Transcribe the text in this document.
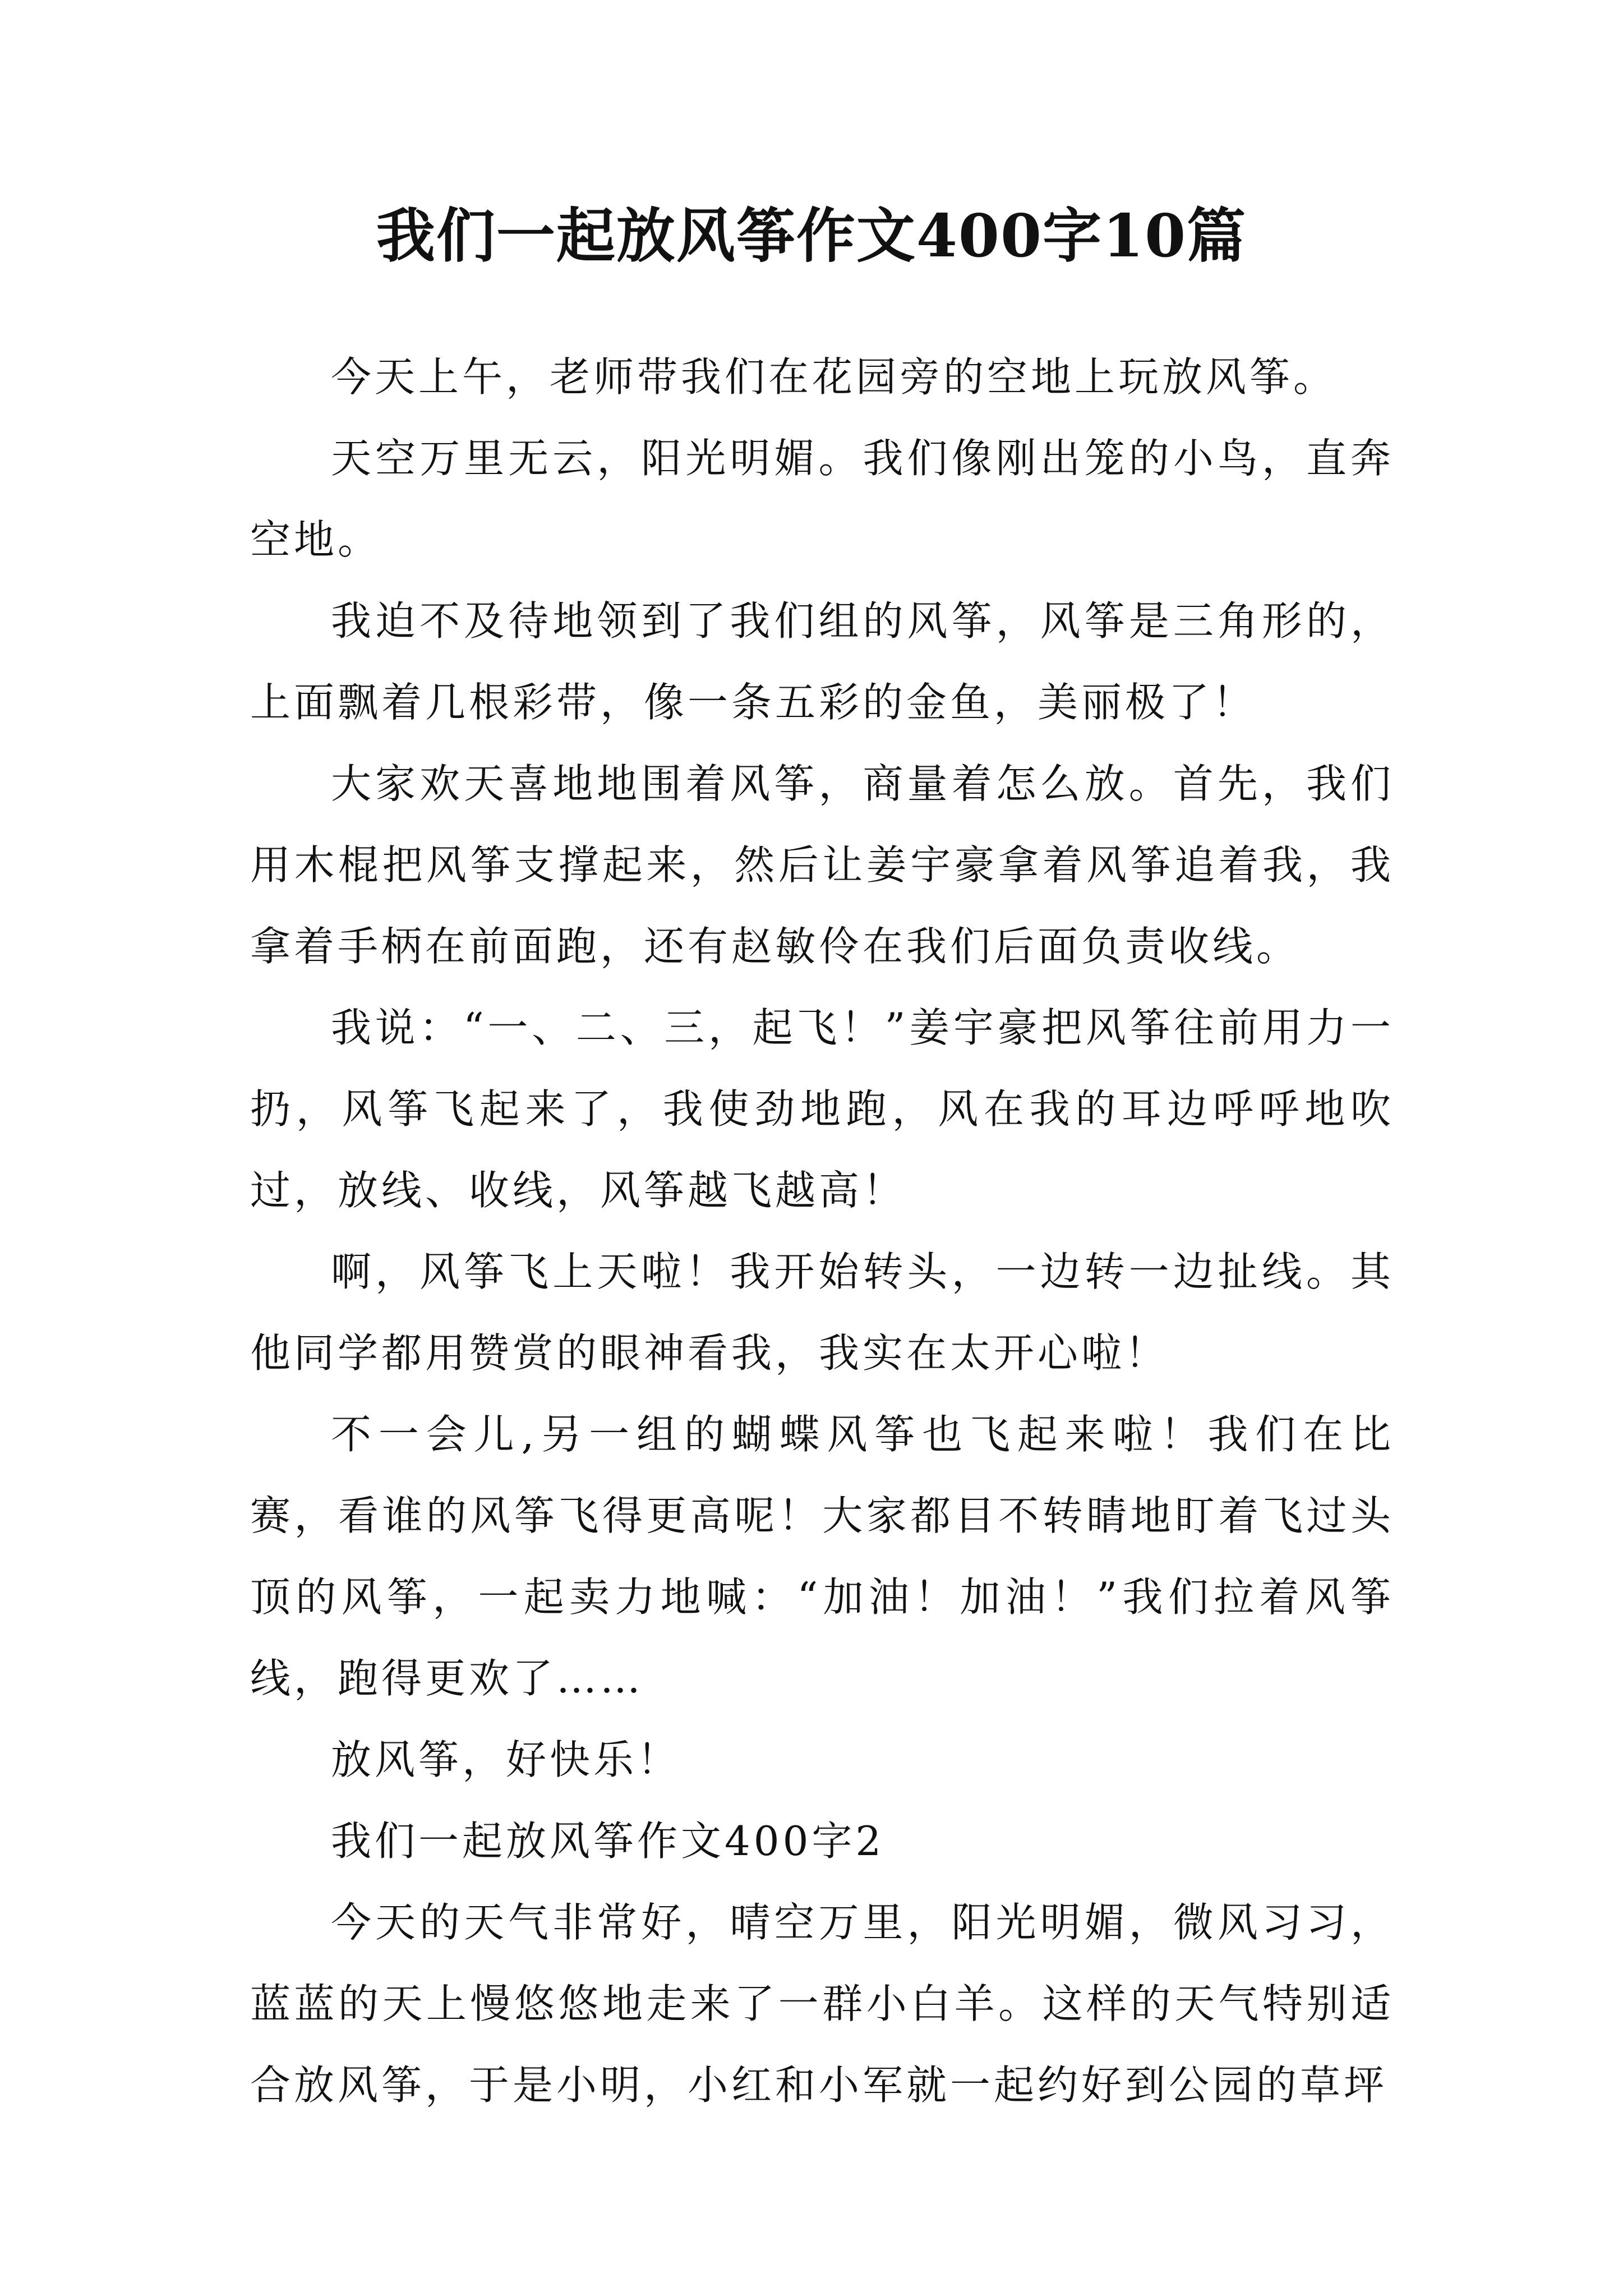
我们一起放风筝作文400字10篇

今天上午，老师带我们在花园旁的空地上玩放风筝。

天空万里无云，阳光明媚。我们像刚出笼的小鸟，直奔空地。

我迫不及待地领到了我们组的风筝，风筝是三角形的，上面飘着几根彩带，像一条五彩的金鱼，美丽极了！

大家欢天喜地地围着风筝，商量着怎么放。首先，我们用木棍把风筝支撑起来，然后让姜宇豪拿着风筝追着我，我拿着手柄在前面跑，还有赵敏伶在我们后面负责收线。

我说：“一、二、三，起飞！”姜宇豪把风筝往前用力一扔，风筝飞起来了，我使劲地跑，风在我的耳边呼呼地吹过，放线、收线，风筝越飞越高！

啊，风筝飞上天啦！我开始转头，一边转一边扯线。其他同学都用赞赏的眼神看我，我实在太开心啦！

不一会儿,另一组的蝴蝶风筝也飞起来啦！我们在比赛，看谁的风筝飞得更高呢！大家都目不转睛地盯着飞过头顶的风筝，一起卖力地喊：“加油！加油！”我们拉着风筝线，跑得更欢了……

放风筝，好快乐！

我们一起放风筝作文400字2

今天的天气非常好，晴空万里，阳光明媚，微风习习，蓝蓝的天上慢悠悠地走来了一群小白羊。这样的天气特别适合放风筝，于是小明，小红和小军就一起约好到公园的草坪
